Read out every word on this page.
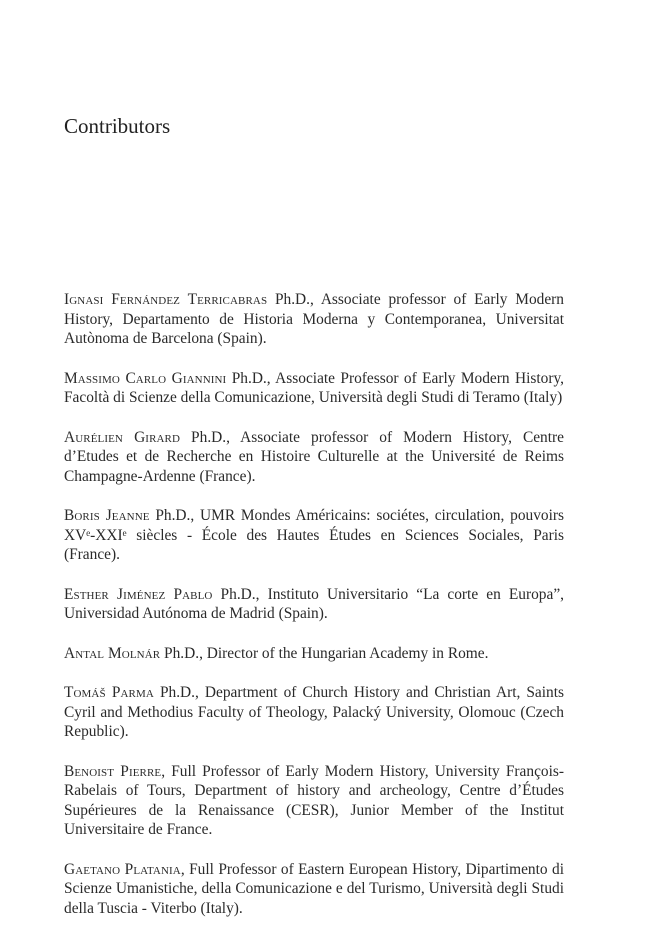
Contributors

Ignasi Fernández Terricabras Ph.D., Associate professor of Early Modern History, Departamento de Historia Moderna y Contemporanea, Universitat Autònoma de Barcelona (Spain).

Massimo Carlo Giannini Ph.D., Associate Professor of Early Modern History, Facoltà di Scienze della Comunicazione, Università degli Studi di Teramo (Italy)

Aurélien Girard Ph.D., Associate professor of Modern History, Centre d’Etudes et de Recherche en Histoire Culturelle at the Université de Reims Champagne-Ardenne (France).

Boris Jeanne Ph.D., UMR Mondes Américains: sociétes, circulation, pouvoirs XVᵉ-XXIᵉ siècles - École des Hautes Études en Sciences Sociales, Paris (France).

Esther Jiménez Pablo Ph.D., Instituto Universitario “La corte en Europa”, Universidad Autónoma de Madrid (Spain).

Antal Molnár Ph.D., Director of the Hungarian Academy in Rome.

Tomáš Parma Ph.D., Department of Church History and Christian Art, Saints Cyril and Methodius Faculty of Theology, Palacký University, Olomouc (Czech Republic).

Benoist Pierre, Full Professor of Early Modern History, University François-Rabelais of Tours, Department of history and archeology, Centre d’Études Supérieures de la Renaissance (CESR), Junior Member of the Institut Universitaire de France.

Gaetano Platania, Full Professor of Eastern European History, Dipartimento di Scienze Umanistiche, della Comunicazione e del Turismo, Università degli Studi della Tuscia - Viterbo (Italy).
